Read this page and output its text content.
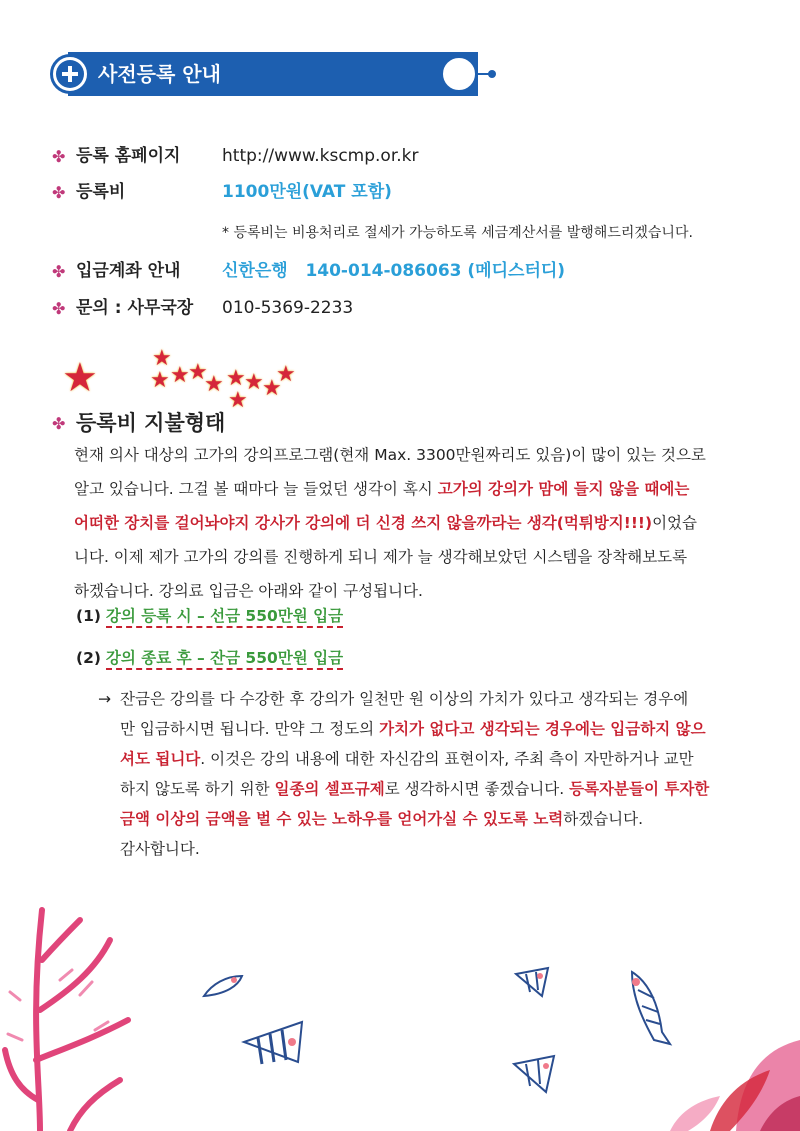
사전등록 안내
✤ 등록 홈페이지 http://www.kscmp.or.kr
✤ 등록비	1100만원(VAT 포함)
* 등록비는 비용처리로 절세가 가능하도록 세금계산서를 발행해드리겠습니다.
✤ 입금계좌 안내 신한은행   140-014-086063 (메디스터디)
✤ 문의 : 사무국장 010-5369-2233
★ ★
★ ★
★
★ ★
★
★
★
★
✤ 등록비 지불형태
현재 의사 대상의 고가의 강의프로그램(현재 Max. 3300만원짜리도 있음)이 많이 있는 것으로
알고 있습니다. 그걸 볼 때마다 늘 들었던 생각이 혹시 고가의 강의가 맘에 들지 않을 때에는
어떠한 장치를 걸어놔야지 강사가 강의에 더 신경 쓰지 않을까라는 생각(먹튀방지!!!)이었습
니다. 이제 제가 고가의 강의를 진행하게 되니 제가 늘 생각해보았던 시스템을 장착해보도록
하겠습니다. 강의료 입금은 아래와 같이 구성됩니다.
(1) 강의 등록 시 – 선금 550만원 입금
(2) 강의 종료 후 – 잔금 550만원 입금
→ 잔금은 강의를 다 수강한 후 강의가 일천만 원 이상의 가치가 있다고 생각되는 경우에
만 입금하시면 됩니다. 만약 그 정도의 가치가 없다고 생각되는 경우에는 입금하지 않으
셔도 됩니다. 이것은 강의 내용에 대한 자신감의 표현이자, 주최 측이 자만하거나 교만
하지 않도록 하기 위한 일종의 셀프규제로 생각하시면 좋겠습니다. 등록자분들이 투자한
금액 이상의 금액을 벌 수 있는 노하우를 얻어가실 수 있도록 노력하겠습니다.
감사합니다.
